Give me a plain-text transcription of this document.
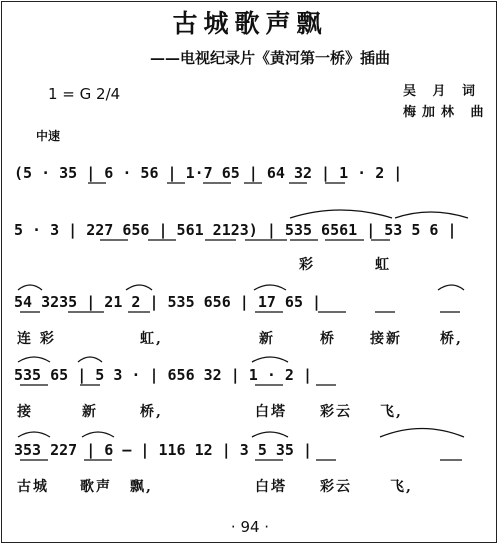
古城歌声飘
——电视纪录片《黄河第一桥》插曲
1 = G 2/4	吴 月 词
梅加林 曲
中速
(5 · 35 | 6 · 56 | 1·7 65 | 64 32 | 1 · 2 |
5 · 3 | 227 656 | 561 2123) | 535 6561 | 53 5 6 |
54 3235 | 21 2 | 535 656 | 17 65 |
535 65 | 5 3 · | 656 32 | 1 · 2 |
353 227 | 6 — | 116 12 | 3 5 35 |
彩	虹
连 彩	虹,	新	桥 接新	桥,
接	新	桥,	白塔 彩云 飞,
古城 歌声 飘,	白塔 彩云	飞,
· 94 ·
